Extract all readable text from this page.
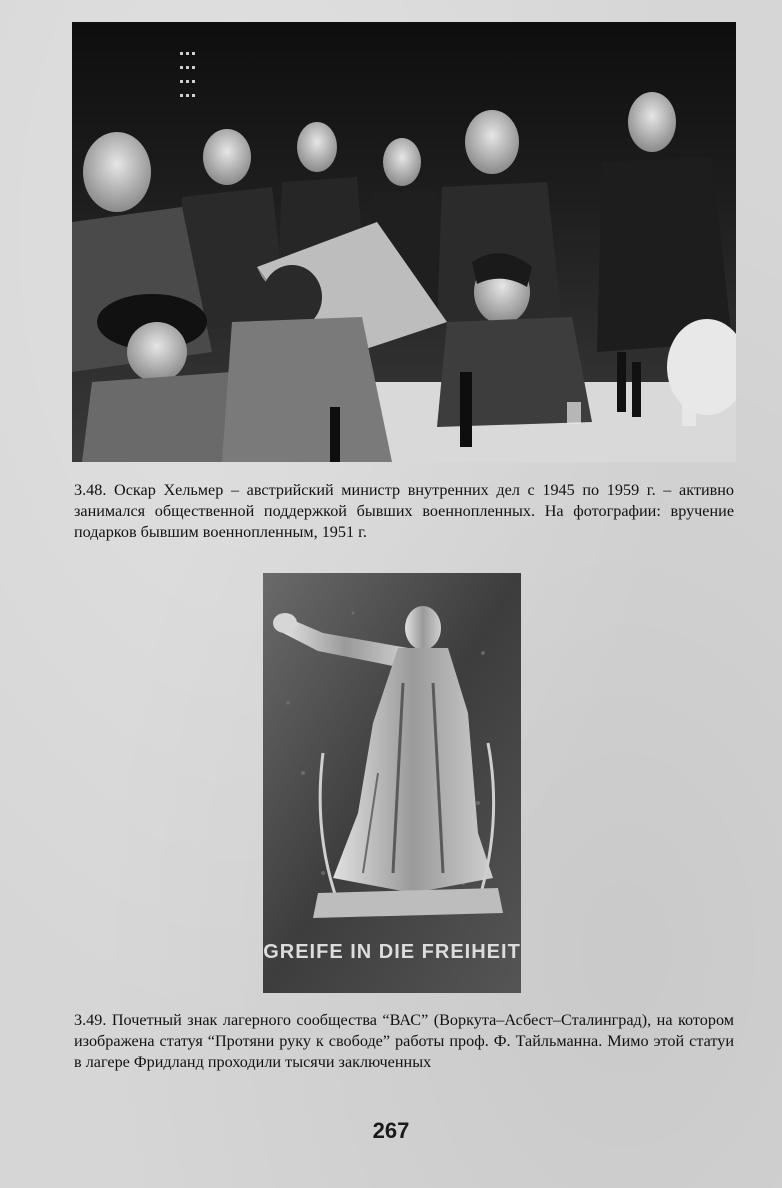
3.48. Оскар Хельмер – австрийский министр внутренних дел с 1945 по 1959 г. – активно занимался общественной поддержкой бывших военнопленных. На фотографии: вручение подарков бывшим военнопленным, 1951 г.

GREIFE IN DIE FREIHEIT

3.49. Почетный знак лагерного сообщества “ВАС” (Воркута–Асбест–Сталинград), на котором изображена статуя “Протяни руку к свободе” работы проф. Ф. Тайльманна. Мимо этой статуи в лагере Фридланд проходили тысячи заключенных

267
